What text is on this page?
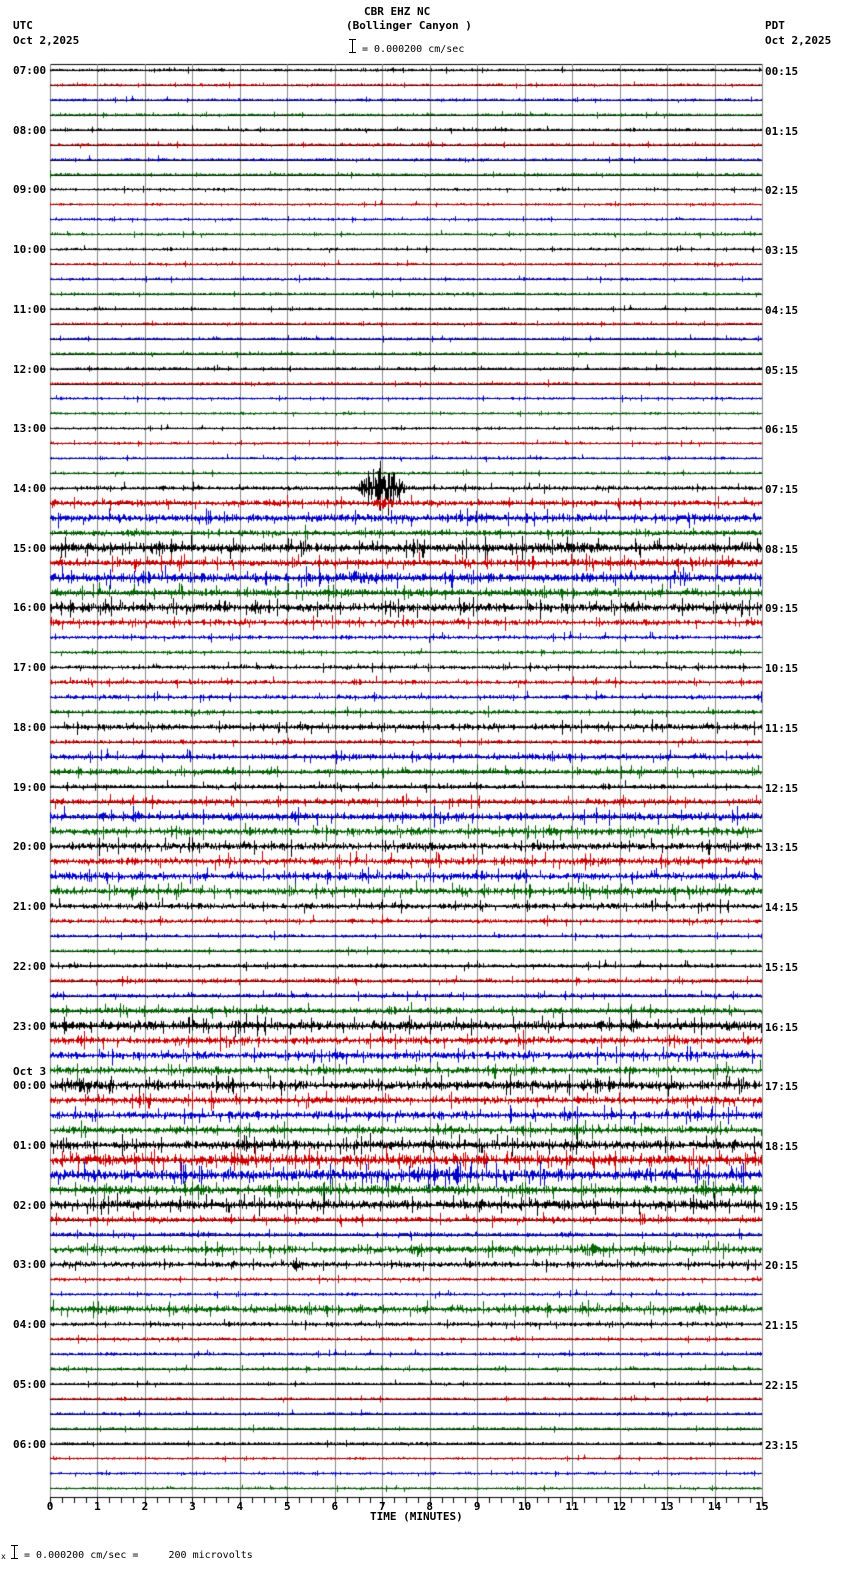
CBR EHZ NC
(Bollinger Canyon )
UTC
Oct 2,2025
PDT
Oct 2,2025
= 0.000200 cm/sec
07:00
08:00
09:00
10:00
11:00
12:00
13:00
14:00
15:00
16:00
17:00
18:00
19:00
20:00
21:00
22:00
23:00
00:00
Oct 3
01:00
02:00
03:00
04:00
05:00
06:00
00:15
01:15
02:15
03:15
04:15
05:15
06:15
07:15
08:15
09:15
10:15
11:15
12:15
13:15
14:15
15:15
16:15
17:15
18:15
19:15
20:15
21:15
22:15
23:15
0	1	2	3	4	5	6	7	8	9	10	11	12	13	14	15
TIME (MINUTES)
x = 0.000200 cm/sec =     200 microvolts
